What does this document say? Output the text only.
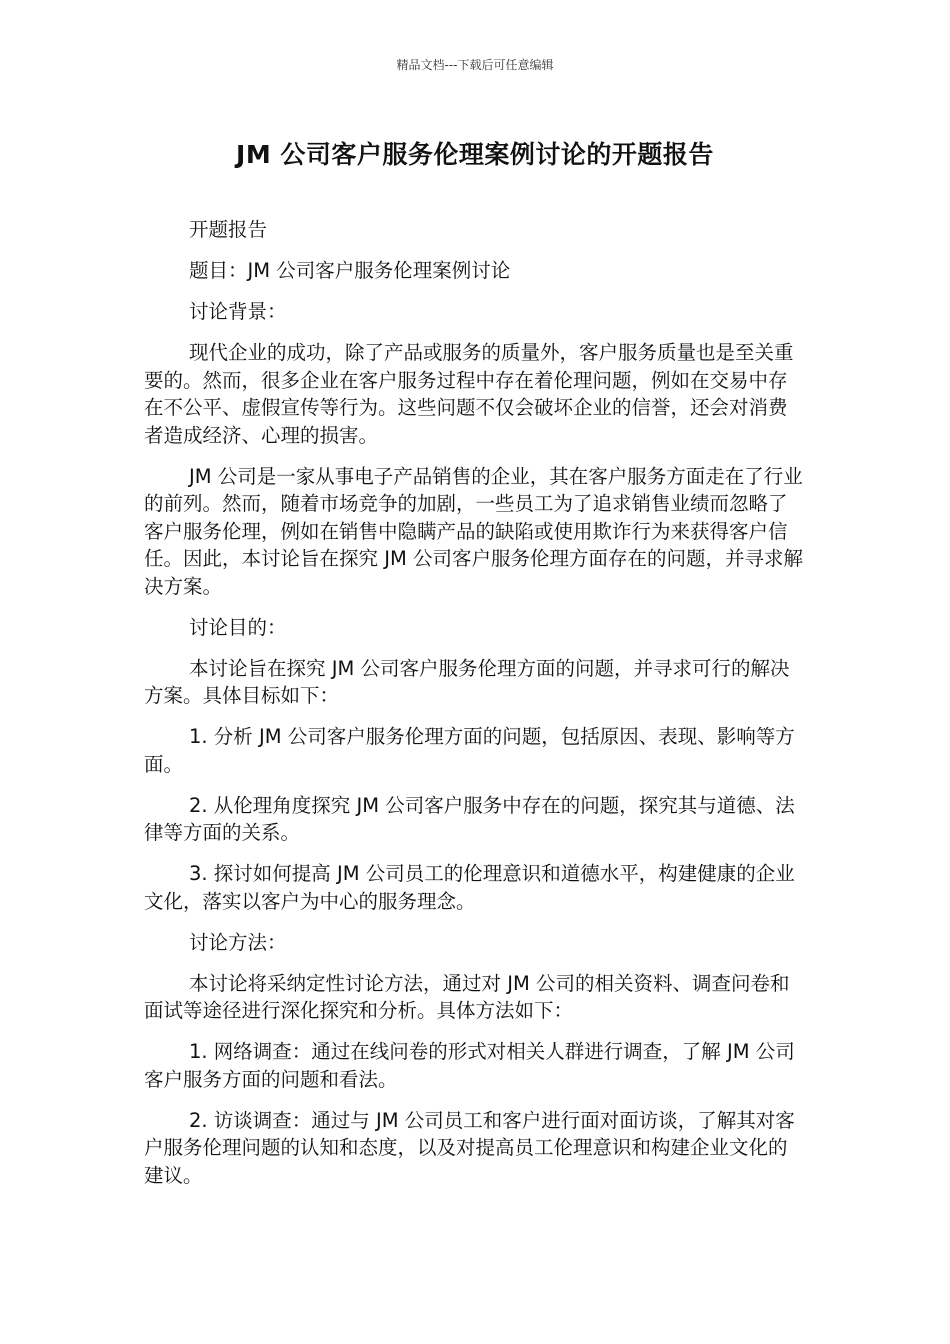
精品文档---下载后可任意编辑
JM 公司客户服务伦理案例讨论的开题报告

开题报告

题目：JM 公司客户服务伦理案例讨论

讨论背景：

现代企业的成功，除了产品或服务的质量外，客户服务质量也是至关重要的。然而，很多企业在客户服务过程中存在着伦理问题，例如在交易中存在不公平、虚假宣传等行为。这些问题不仅会破坏企业的信誉，还会对消费者造成经济、心理的损害。

JM 公司是一家从事电子产品销售的企业，其在客户服务方面走在了行业的前列。然而，随着市场竞争的加剧，一些员工为了追求销售业绩而忽略了客户服务伦理，例如在销售中隐瞒产品的缺陷或使用欺诈行为来获得客户信任。因此，本讨论旨在探究 JM 公司客户服务伦理方面存在的问题，并寻求解决方案。

讨论目的：

本讨论旨在探究 JM 公司客户服务伦理方面的问题，并寻求可行的解决方案。具体目标如下：

1. 分析 JM 公司客户服务伦理方面的问题，包括原因、表现、影响等方面。

2. 从伦理角度探究 JM 公司客户服务中存在的问题，探究其与道德、法律等方面的关系。

3. 探讨如何提高 JM 公司员工的伦理意识和道德水平，构建健康的企业文化，落实以客户为中心的服务理念。

讨论方法：

本讨论将采纳定性讨论方法，通过对 JM 公司的相关资料、调查问卷和面试等途径进行深化探究和分析。具体方法如下：

1. 网络调查：通过在线问卷的形式对相关人群进行调查，了解 JM 公司客户服务方面的问题和看法。

2. 访谈调查：通过与 JM 公司员工和客户进行面对面访谈，了解其对客户服务伦理问题的认知和态度，以及对提高员工伦理意识和构建企业文化的建议。
